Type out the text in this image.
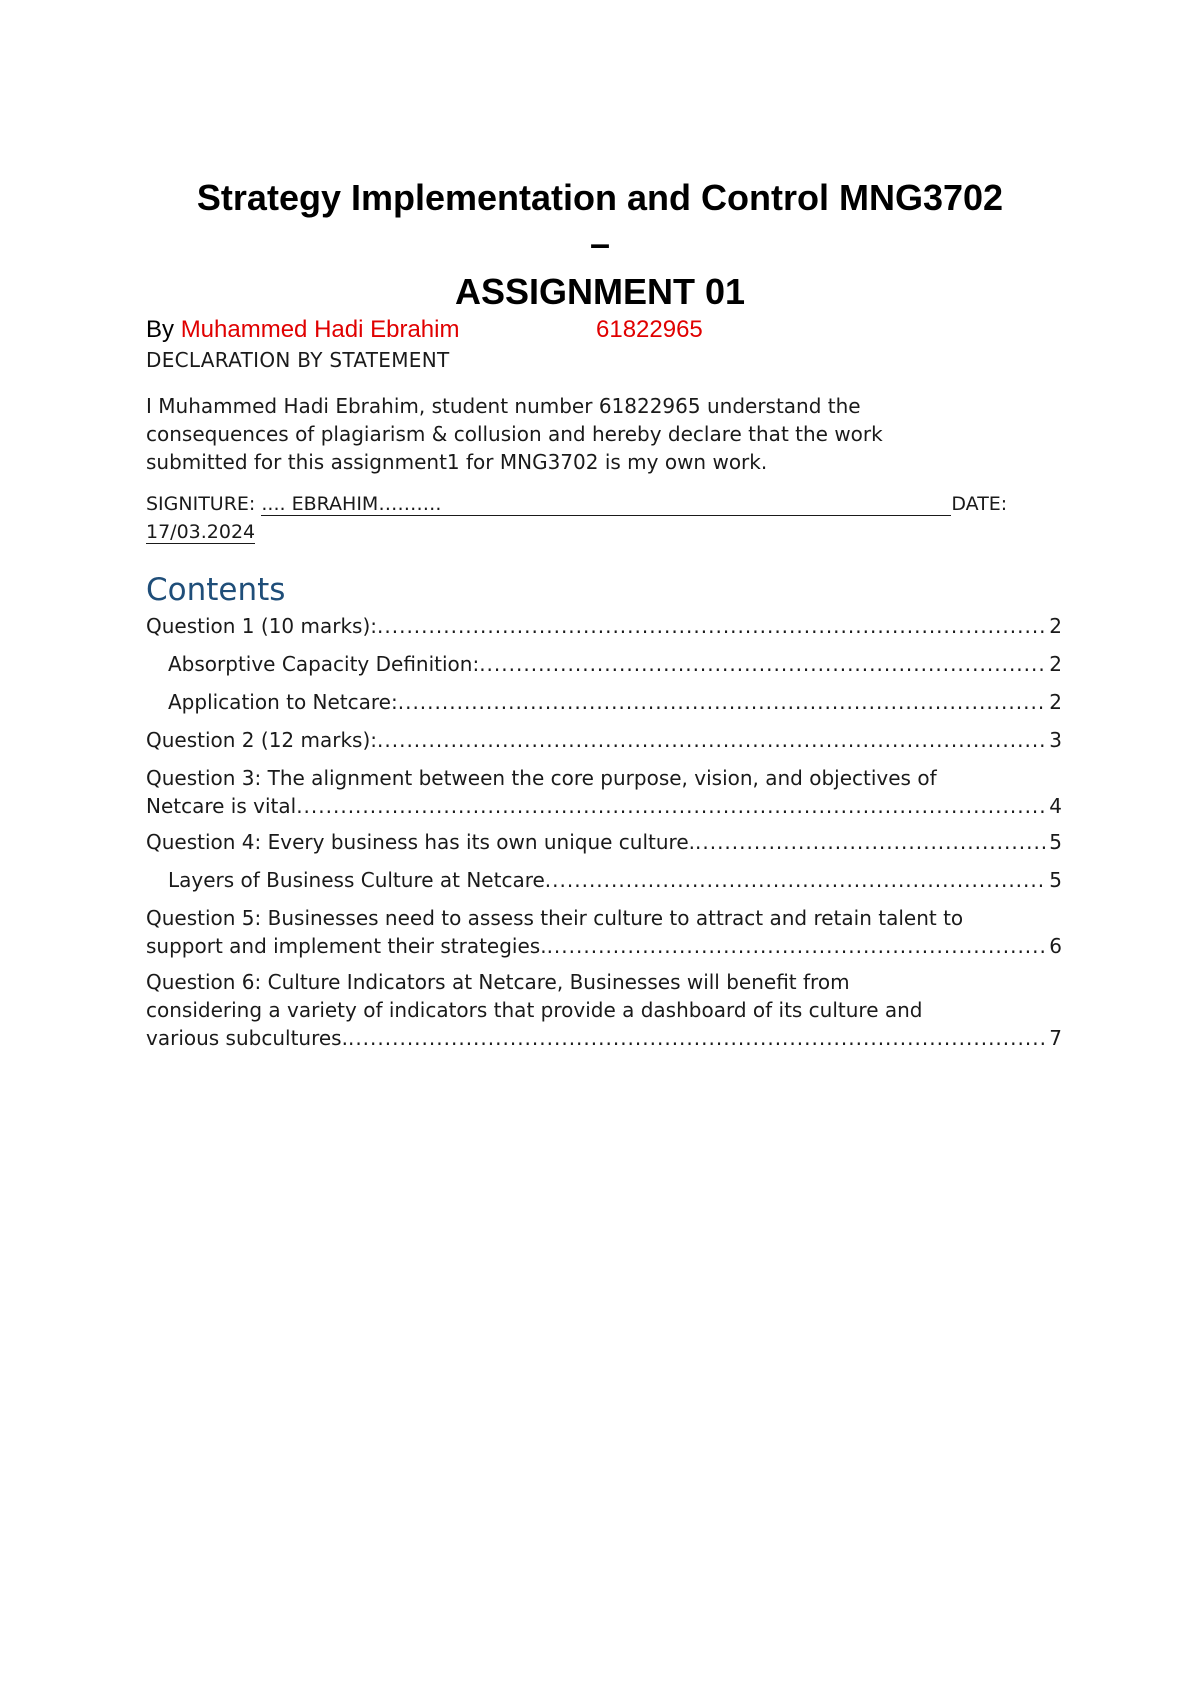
Strategy Implementation and Control MNG3702
–
ASSIGNMENT 01
By Muhammed Hadi Ebrahim	61822965
DECLARATION BY STATEMENT

I Muhammed Hadi Ebrahim, student number 61822965 understand the

consequences of plagiarism & collusion and hereby declare that the work

submitted for this assignment1 for MNG3702 is my own work.

SIGNITURE: .... EBRAHIM……….	DATE:
17/03.2024
Contents
Question 1 (10 marks): .....	2
Absorptive Capacity Definition: .....	2
Application to Netcare: .....	2
Question 2 (12 marks): .....	3
Question 3: The alignment between the core purpose, vision, and objectives of
Netcare is vital .....	4
Question 4: Every business has its own unique culture. .....	5
Layers of Business Culture at Netcare .....	5
Question 5: Businesses need to assess their culture to attract and retain talent to
support and implement their strategies. .....	6
Question 6: Culture Indicators at Netcare, Businesses will benefit from
considering a variety of indicators that provide a dashboard of its culture and
various subcultures. .....	7
